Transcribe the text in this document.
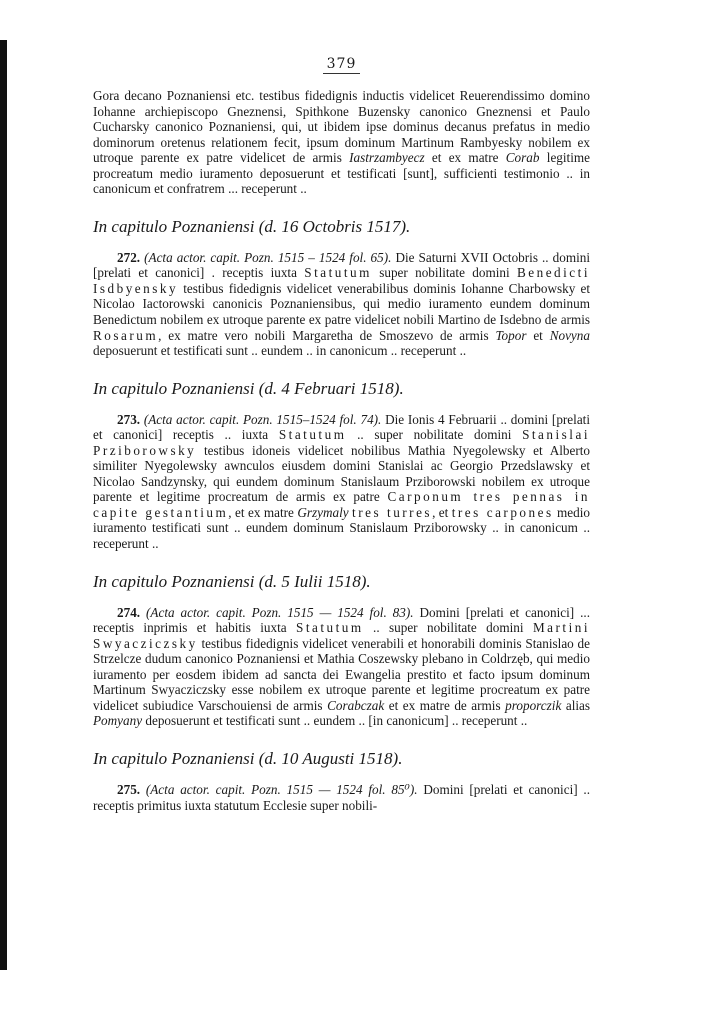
379

Gora decano Poznaniensi etc. testibus fidedignis inductis videlicet Reuerendissimo domino Iohanne archiepiscopo Gneznensi, Spithkone Buzensky canonico Gneznensi et Paulo Cucharsky canonico Poznaniensi, qui, ut ibidem ipse dominus decanus prefatus in medio dominorum oretenus relationem fecit, ipsum dominum Martinum Rambyesky nobilem ex utroque parente ex patre videlicet de armis Iastrzambyecz et ex matre Corab legitime procreatum medio iuramento deposuerunt et testificati [sunt], sufficienti testimonio .. in canonicum et confratrem ... receperunt ..

In capitulo Poznaniensi (d. 16 Octobris 1517).

272. (Acta actor. capit. Pozn. 1515 – 1524 fol. 65). Die Saturni XVII Octobris .. domini [prelati et canonici] . receptis iuxta Statutum super nobilitate domini Benedicti Isdbyensky testibus fidedignis videlicet venerabilibus dominis Iohanne Charbowsky et Nicolao Iactorowski canonicis Poznaniensibus, qui medio iuramento eundem dominum Benedictum nobilem ex utroque parente ex patre videlicet nobili Martino de Isdebno de armis Rosarum, ex matre vero nobili Margaretha de Smoszevo de armis Topor et Novyna deposuerunt et testificati sunt .. eundem .. in canonicum .. receperunt ..

In capitulo Poznaniensi (d. 4 Februari 1518).

273. (Acta actor. capit. Pozn. 1515–1524 fol. 74). Die Ionis 4 Februarii .. domini [prelati et canonici] receptis .. iuxta Statutum .. super nobilitate domini Stanislai Prziborowsky testibus idoneis videlicet nobilibus Mathia Nyegolewsky et Alberto similiter Nyegolewsky awnculos eiusdem domini Stanislai ac Georgio Przedslawsky et Nicolao Sandzynsky, qui eundem dominum Stanislaum Prziborowski nobilem ex utroque parente et legitime procreatum de armis ex patre Carponum tres pennas in capite gestantium, et ex matre Grzymaly tres turres, et tres carpones medio iuramento testificati sunt .. eundem dominum Stanislaum Prziborowsky .. in canonicum .. receperunt ..

In capitulo Poznaniensi (d. 5 Iulii 1518).

274. (Acta actor. capit. Pozn. 1515 — 1524 fol. 83). Domini [prelati et canonici] ... receptis inprimis et habitis iuxta Statutum .. super nobilitate domini Martini Swyacziczsky testibus fidedignis videlicet venerabili et honorabili dominis Stanislao de Strzelcze dudum canonico Poznaniensi et Mathia Coszewsky plebano in Coldrzęb, qui medio iuramento per eosdem ibidem ad sancta dei Ewangelia prestito et facto ipsum dominum Martinum Swyacziczsky esse nobilem ex utroque parente et legitime procreatum ex patre videlicet subiudice Varschouiensi de armis Corabczak et ex matre de armis proporczik alias Pomyany deposuerunt et testificati sunt .. eundem .. [in canonicum] .. receperunt ..

In capitulo Poznaniensi (d. 10 Augusti 1518).

275. (Acta actor. capit. Pozn. 1515 — 1524 fol. 85⁰). Domini [prelati et canonici] .. receptis primitus iuxta statutum Ecclesie super nobili-
